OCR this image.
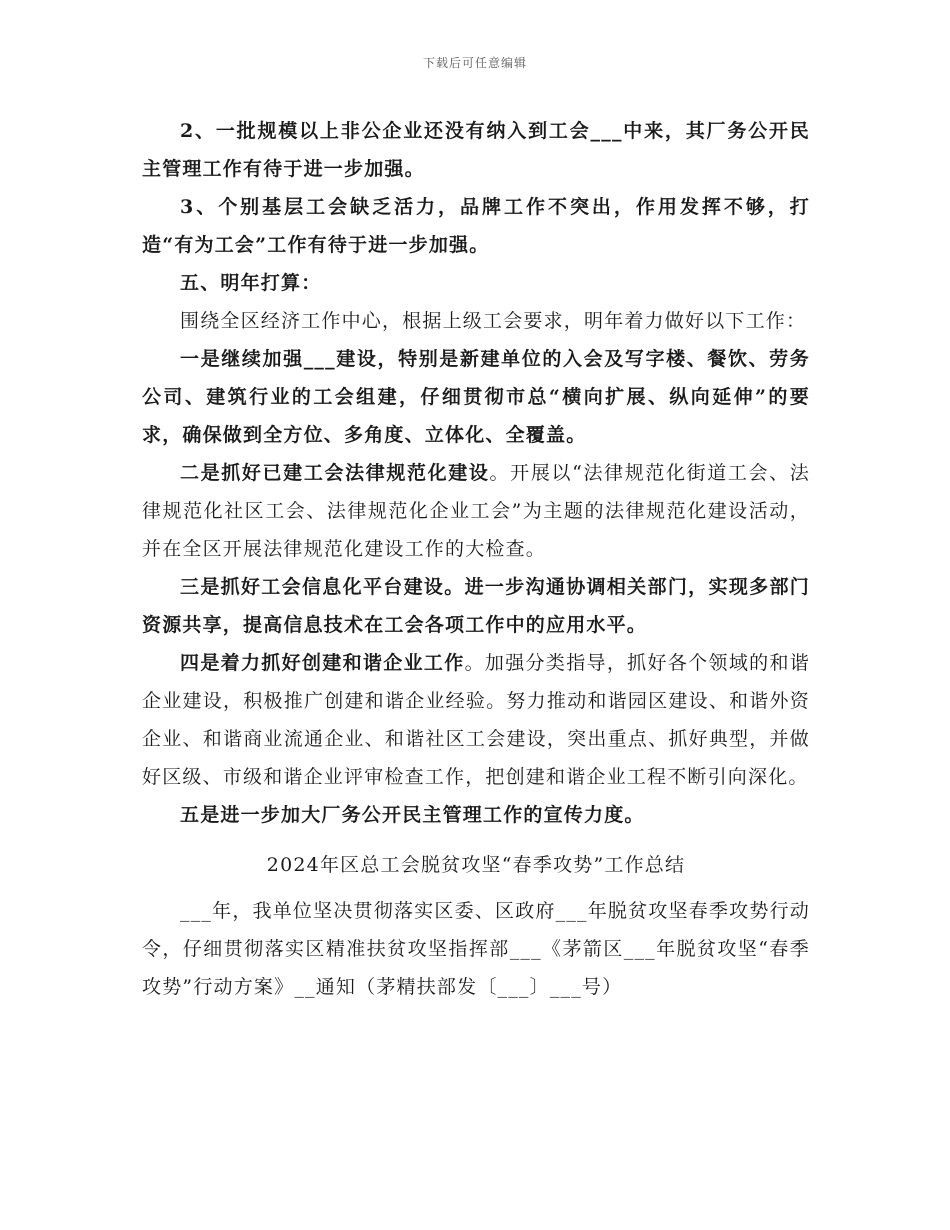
下载后可任意编辑

2、一批规模以上非公企业还没有纳入到工会___中来，其厂务公开民主管理工作有待于进一步加强。

3、个别基层工会缺乏活力，品牌工作不突出，作用发挥不够，打造“有为工会”工作有待于进一步加强。

五、明年打算：

围绕全区经济工作中心，根据上级工会要求，明年着力做好以下工作：

一是继续加强___建设，特别是新建单位的入会及写字楼、餐饮、劳务公司、建筑行业的工会组建，仔细贯彻市总“横向扩展、纵向延伸”的要求，确保做到全方位、多角度、立体化、全覆盖。

二是抓好已建工会法律规范化建设。开展以“法律规范化街道工会、法律规范化社区工会、法律规范化企业工会”为主题的法律规范化建设活动，并在全区开展法律规范化建设工作的大检查。

三是抓好工会信息化平台建设。进一步沟通协调相关部门，实现多部门资源共享，提高信息技术在工会各项工作中的应用水平。

四是着力抓好创建和谐企业工作。加强分类指导，抓好各个领域的和谐企业建设，积极推广创建和谐企业经验。努力推动和谐园区建设、和谐外资企业、和谐商业流通企业、和谐社区工会建设，突出重点、抓好典型，并做好区级、市级和谐企业评审检查工作，把创建和谐企业工程不断引向深化。

五是进一步加大厂务公开民主管理工作的宣传力度。

2024年区总工会脱贫攻坚“春季攻势”工作总结

___年，我单位坚决贯彻落实区委、区政府___年脱贫攻坚春季攻势行动令，仔细贯彻落实区精准扶贫攻坚指挥部___《茅箭区___年脱贫攻坚“春季攻势”行动方案》__通知（茅精扶部发〔___〕___号）
